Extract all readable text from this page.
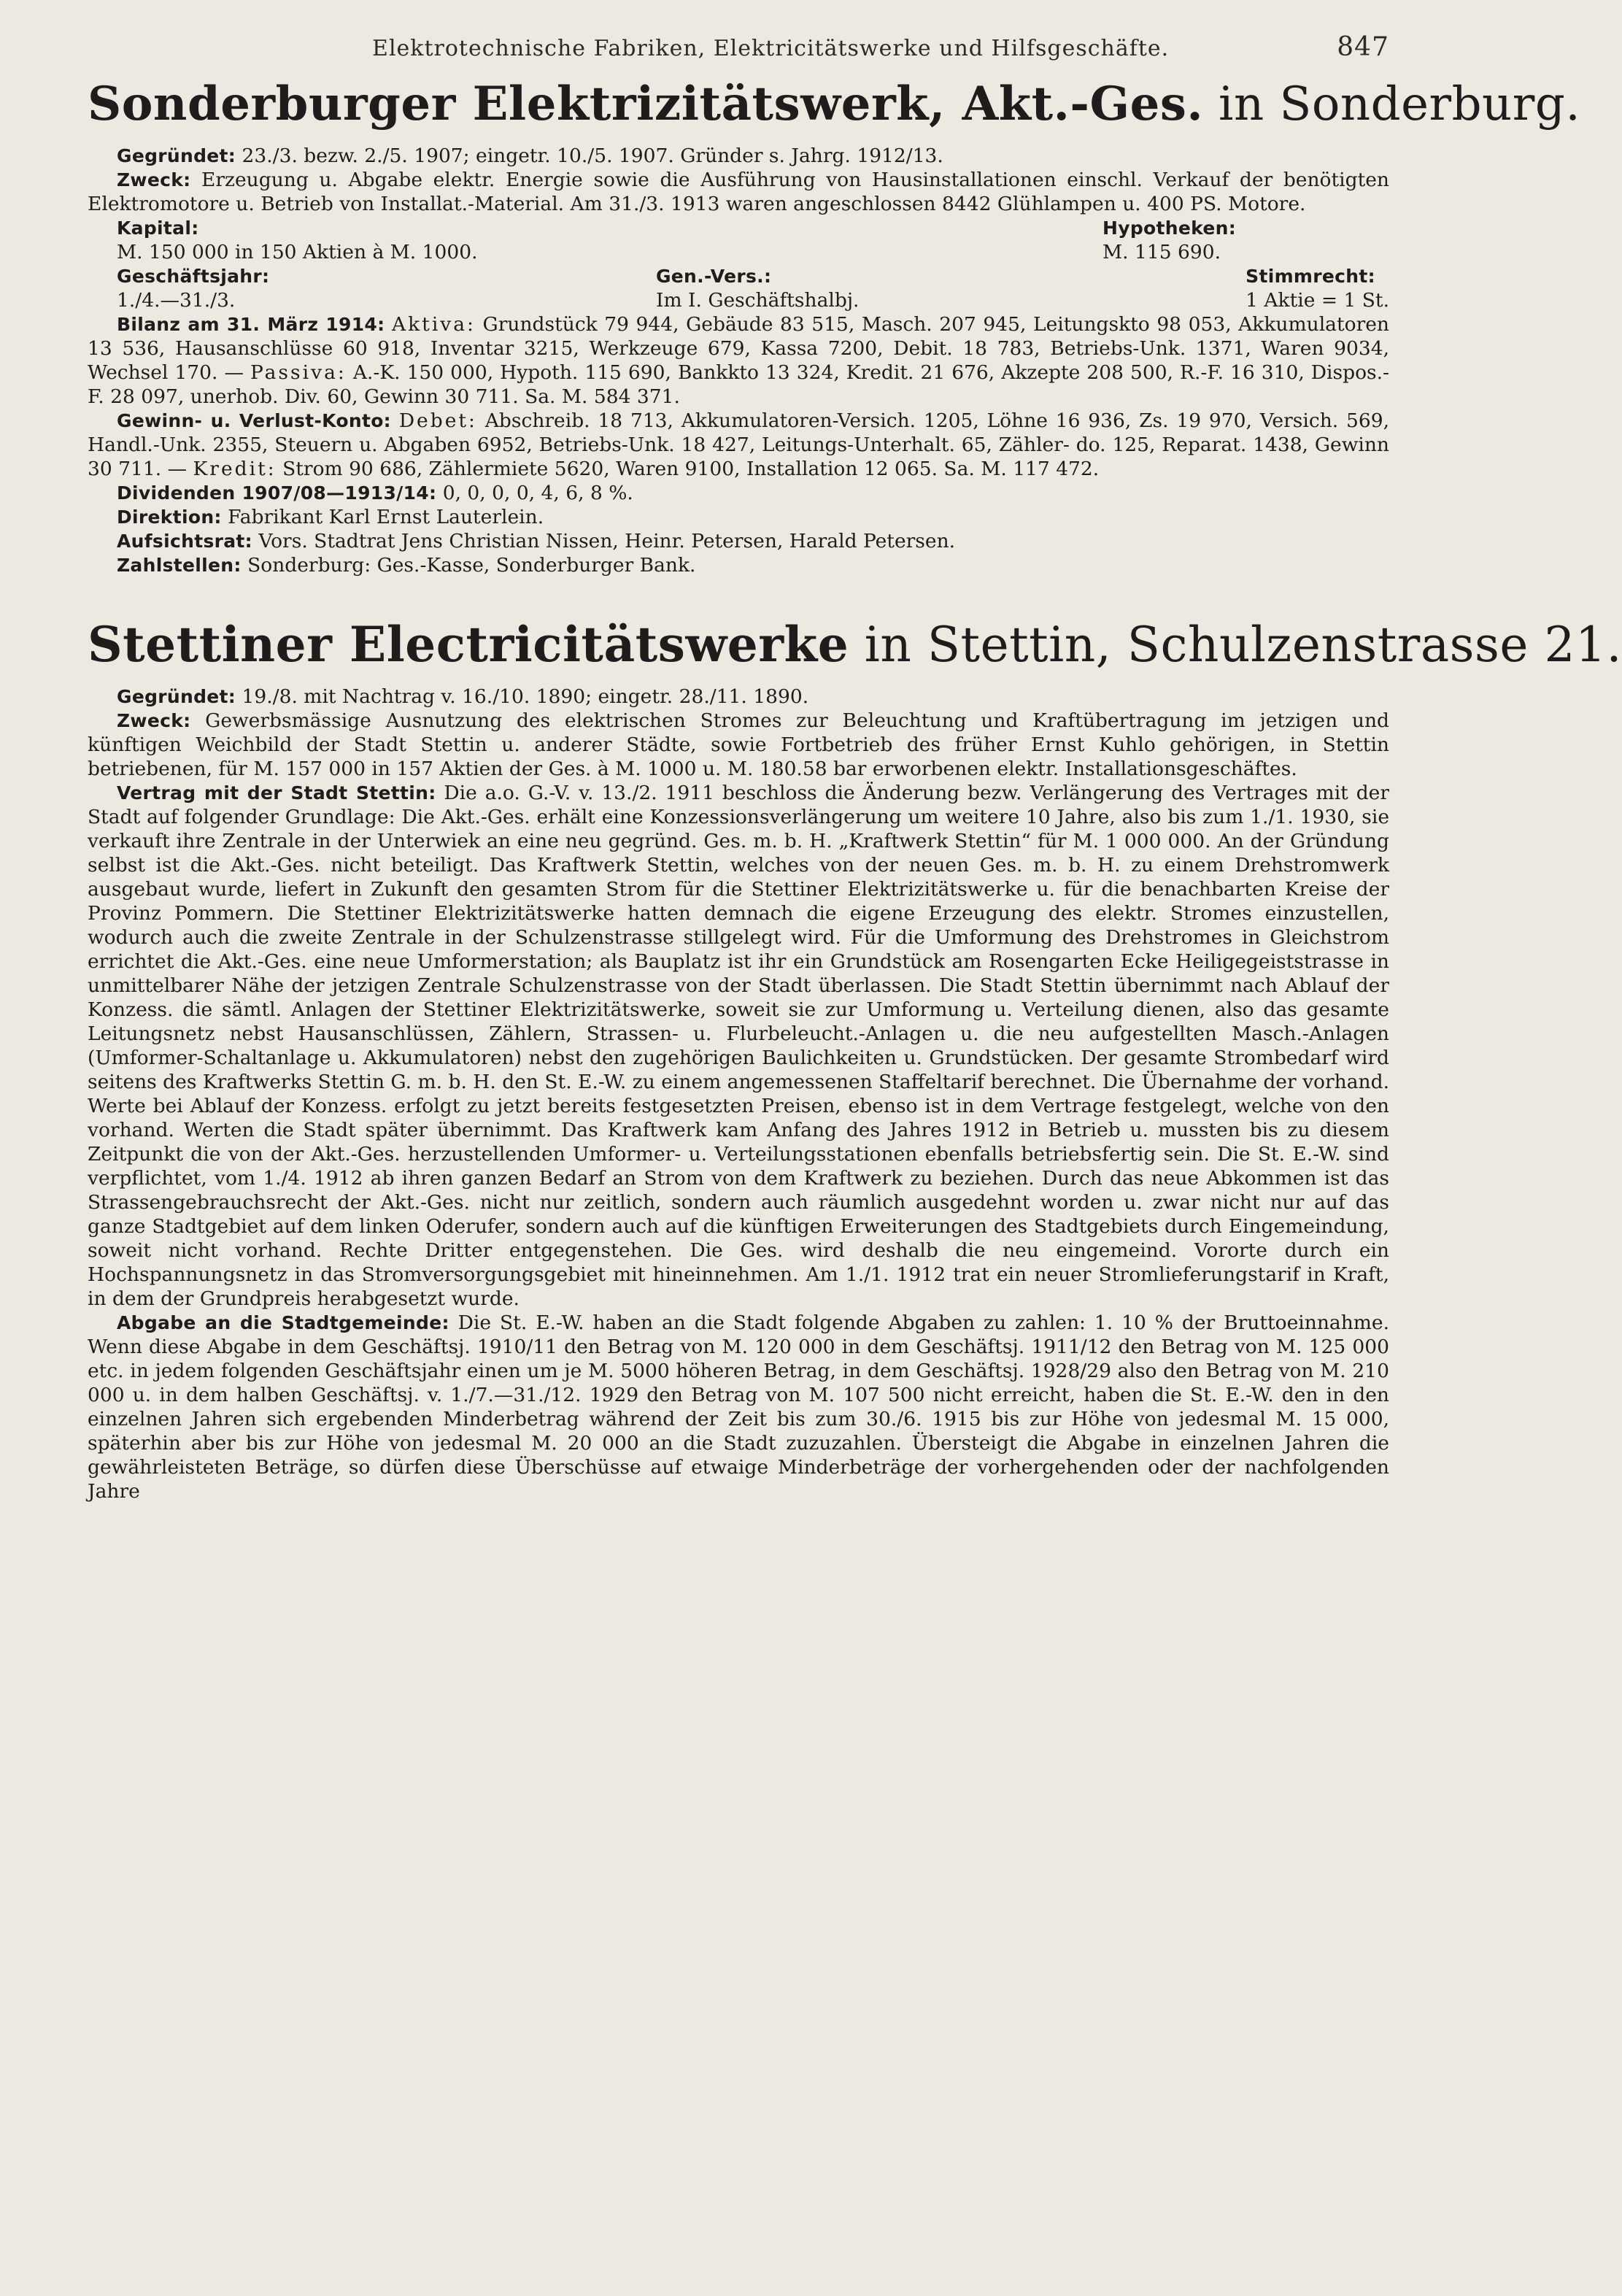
Elektrotechnische Fabriken, Elektricitätswerke und Hilfsgeschäfte.	847
Sonderburger Elektrizitätswerk, Akt.-Ges. in Sonderburg.

Gegründet: 23./3. bezw. 2./5. 1907; eingetr. 10./5. 1907. Gründer s. Jahrg. 1912/13.

Zweck: Erzeugung u. Abgabe elektr. Energie sowie die Ausführung von Hausinstallationen einschl. Verkauf der benötigten Elektromotore u. Betrieb von Installat.-Material. Am 31./3. 1913 waren angeschlossen 8442 Glühlampen u. 400 PS. Motore.

Kapital:
M. 150 000 in 150 Aktien à M. 1000.
Hypotheken:
M. 115 690.
Geschäftsjahr:
1./4.—31./3.
Gen.-Vers.:
Im I. Geschäftshalbj.
Stimmrecht:
1 Aktie = 1 St.

Bilanz am 31. März 1914: Aktiva: Grundstück 79 944, Gebäude 83 515, Masch. 207 945, Leitungskto 98 053, Akkumulatoren 13 536, Hausanschlüsse 60 918, Inventar 3215, Werkzeuge 679, Kassa 7200, Debit. 18 783, Betriebs-Unk. 1371, Waren 9034, Wechsel 170. — Passiva: A.-K. 150 000, Hypoth. 115 690, Bankkto 13 324, Kredit. 21 676, Akzepte 208 500, R.-F. 16 310, Dispos.-F. 28 097, unerhob. Div. 60, Gewinn 30 711. Sa. M. 584 371.

Gewinn- u. Verlust-Konto: Debet: Abschreib. 18 713, Akkumulatoren-Versich. 1205, Löhne 16 936, Zs. 19 970, Versich. 569, Handl.-Unk. 2355, Steuern u. Abgaben 6952, Betriebs-Unk. 18 427, Leitungs-Unterhalt. 65, Zähler- do. 125, Reparat. 1438, Gewinn 30 711. — Kredit: Strom 90 686, Zählermiete 5620, Waren 9100, Installation 12 065. Sa. M. 117 472.

Dividenden 1907/08—1913/14: 0, 0, 0, 0, 4, 6, 8 %.

Direktion: Fabrikant Karl Ernst Lauterlein.

Aufsichtsrat: Vors. Stadtrat Jens Christian Nissen, Heinr. Petersen, Harald Petersen.

Zahlstellen: Sonderburg: Ges.-Kasse, Sonderburger Bank.

Stettiner Electricitätswerke in Stettin, Schulzenstrasse 21.

Gegründet: 19./8. mit Nachtrag v. 16./10. 1890; eingetr. 28./11. 1890.

Zweck: Gewerbsmässige Ausnutzung des elektrischen Stromes zur Beleuchtung und Kraftübertragung im jetzigen und künftigen Weichbild der Stadt Stettin u. anderer Städte, sowie Fortbetrieb des früher Ernst Kuhlo gehörigen, in Stettin betriebenen, für M. 157 000 in 157 Aktien der Ges. à M. 1000 u. M. 180.58 bar erworbenen elektr. Installationsgeschäftes.

Vertrag mit der Stadt Stettin: Die a.o. G.-V. v. 13./2. 1911 beschloss die Änderung bezw. Verlängerung des Vertrages mit der Stadt auf folgender Grundlage: Die Akt.-Ges. erhält eine Konzessionsverlängerung um weitere 10 Jahre, also bis zum 1./1. 1930, sie verkauft ihre Zentrale in der Unterwiek an eine neu gegründ. Ges. m. b. H. „Kraftwerk Stettin“ für M. 1 000 000. An der Gründung selbst ist die Akt.-Ges. nicht beteiligt. Das Kraftwerk Stettin, welches von der neuen Ges. m. b. H. zu einem Drehstromwerk ausgebaut wurde, liefert in Zukunft den gesamten Strom für die Stettiner Elektrizitätswerke u. für die benachbarten Kreise der Provinz Pommern. Die Stettiner Elektrizitätswerke hatten demnach die eigene Erzeugung des elektr. Stromes einzustellen, wodurch auch die zweite Zentrale in der Schulzenstrasse stillgelegt wird. Für die Umformung des Drehstromes in Gleichstrom errichtet die Akt.-Ges. eine neue Umformerstation; als Bauplatz ist ihr ein Grundstück am Rosengarten Ecke Heiligegeiststrasse in unmittelbarer Nähe der jetzigen Zentrale Schulzenstrasse von der Stadt überlassen. Die Stadt Stettin übernimmt nach Ablauf der Konzess. die sämtl. Anlagen der Stettiner Elektrizitätswerke, soweit sie zur Umformung u. Verteilung dienen, also das gesamte Leitungsnetz nebst Hausanschlüssen, Zählern, Strassen- u. Flurbeleucht.-Anlagen u. die neu aufgestellten Masch.-Anlagen (Umformer-Schaltanlage u. Akkumulatoren) nebst den zugehörigen Baulichkeiten u. Grundstücken. Der gesamte Strombedarf wird seitens des Kraftwerks Stettin G. m. b. H. den St. E.-W. zu einem angemessenen Staffeltarif berechnet. Die Übernahme der vorhand. Werte bei Ablauf der Konzess. erfolgt zu jetzt bereits festgesetzten Preisen, ebenso ist in dem Vertrage festgelegt, welche von den vorhand. Werten die Stadt später übernimmt. Das Kraftwerk kam Anfang des Jahres 1912 in Betrieb u. mussten bis zu diesem Zeitpunkt die von der Akt.-Ges. herzustellenden Umformer- u. Verteilungsstationen ebenfalls betriebsfertig sein. Die St. E.-W. sind verpflichtet, vom 1./4. 1912 ab ihren ganzen Bedarf an Strom von dem Kraftwerk zu beziehen. Durch das neue Abkommen ist das Strassengebrauchsrecht der Akt.-Ges. nicht nur zeitlich, sondern auch räumlich ausgedehnt worden u. zwar nicht nur auf das ganze Stadtgebiet auf dem linken Oderufer, sondern auch auf die künftigen Erweiterungen des Stadtgebiets durch Eingemeindung, soweit nicht vorhand. Rechte Dritter entgegenstehen. Die Ges. wird deshalb die neu eingemeind. Vororte durch ein Hochspannungsnetz in das Stromversorgungsgebiet mit hineinnehmen. Am 1./1. 1912 trat ein neuer Stromlieferungstarif in Kraft, in dem der Grundpreis herabgesetzt wurde.

Abgabe an die Stadtgemeinde: Die St. E.-W. haben an die Stadt folgende Abgaben zu zahlen: 1. 10 % der Bruttoeinnahme. Wenn diese Abgabe in dem Geschäftsj. 1910/11 den Betrag von M. 120 000 in dem Geschäftsj. 1911/12 den Betrag von M. 125 000 etc. in jedem folgenden Geschäftsjahr einen um je M. 5000 höheren Betrag, in dem Geschäftsj. 1928/29 also den Betrag von M. 210 000 u. in dem halben Geschäftsj. v. 1./7.—31./12. 1929 den Betrag von M. 107 500 nicht erreicht, haben die St. E.-W. den in den einzelnen Jahren sich ergebenden Minderbetrag während der Zeit bis zum 30./6. 1915 bis zur Höhe von jedesmal M. 15 000, späterhin aber bis zur Höhe von jedesmal M. 20 000 an die Stadt zuzuzahlen. Übersteigt die Abgabe in einzelnen Jahren die gewährleisteten Beträge, so dürfen diese Überschüsse auf etwaige Minderbeträge der vorhergehenden oder der nachfolgenden Jahre
